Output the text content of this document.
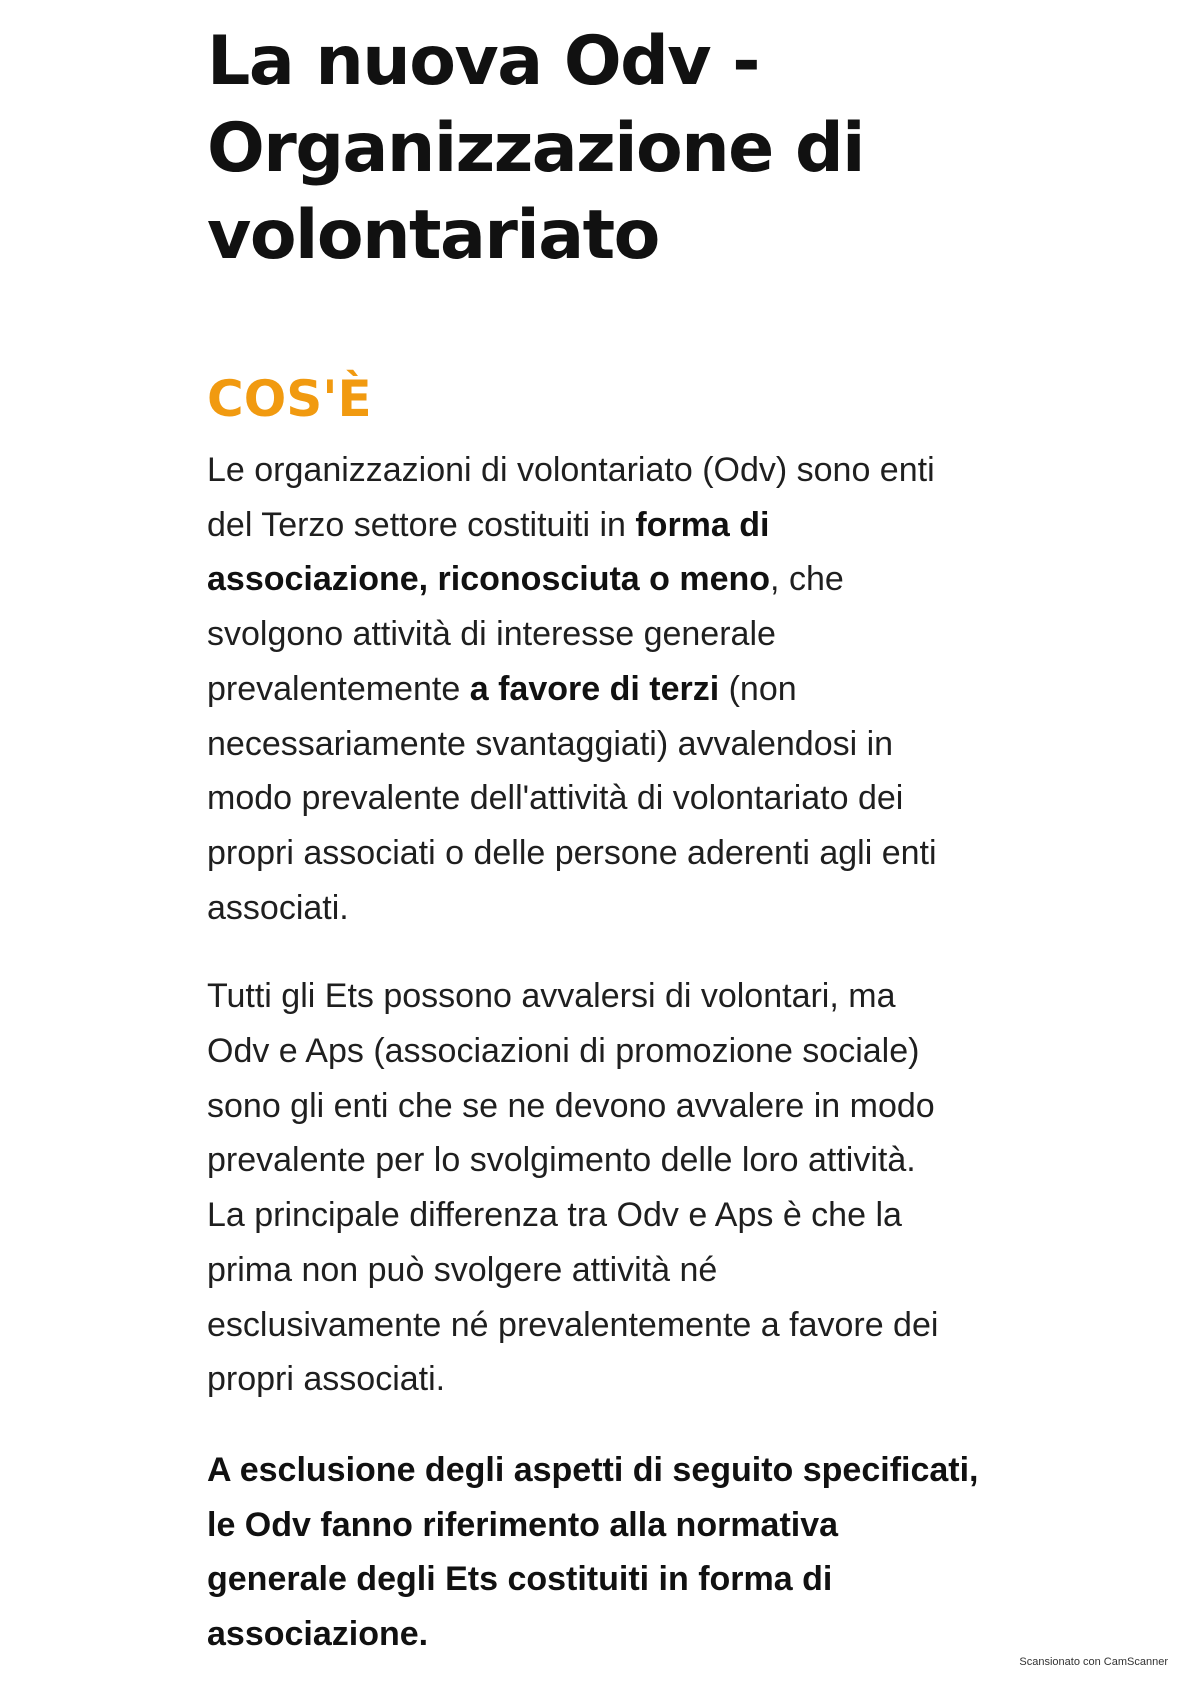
La nuova Odv -
Organizzazione di
volontariato
COS'È

Le organizzazioni di volontariato (Odv) sono enti
del Terzo settore costituiti in forma di
associazione, riconosciuta o meno, che
svolgono attività di interesse generale
prevalentemente a favore di terzi (non
necessariamente svantaggiati) avvalendosi in
modo prevalente dell'attività di volontariato dei
propri associati o delle persone aderenti agli enti
associati.

Tutti gli Ets possono avvalersi di volontari, ma
Odv e Aps (associazioni di promozione sociale)
sono gli enti che se ne devono avvalere in modo
prevalente per lo svolgimento delle loro attività.
La principale differenza tra Odv e Aps è che la
prima non può svolgere attività né
esclusivamente né prevalentemente a favore dei
propri associati.

A esclusione degli aspetti di seguito specificati,
le Odv fanno riferimento alla normativa
generale degli Ets costituiti in forma di
associazione.

Scansionato con CamScanner
